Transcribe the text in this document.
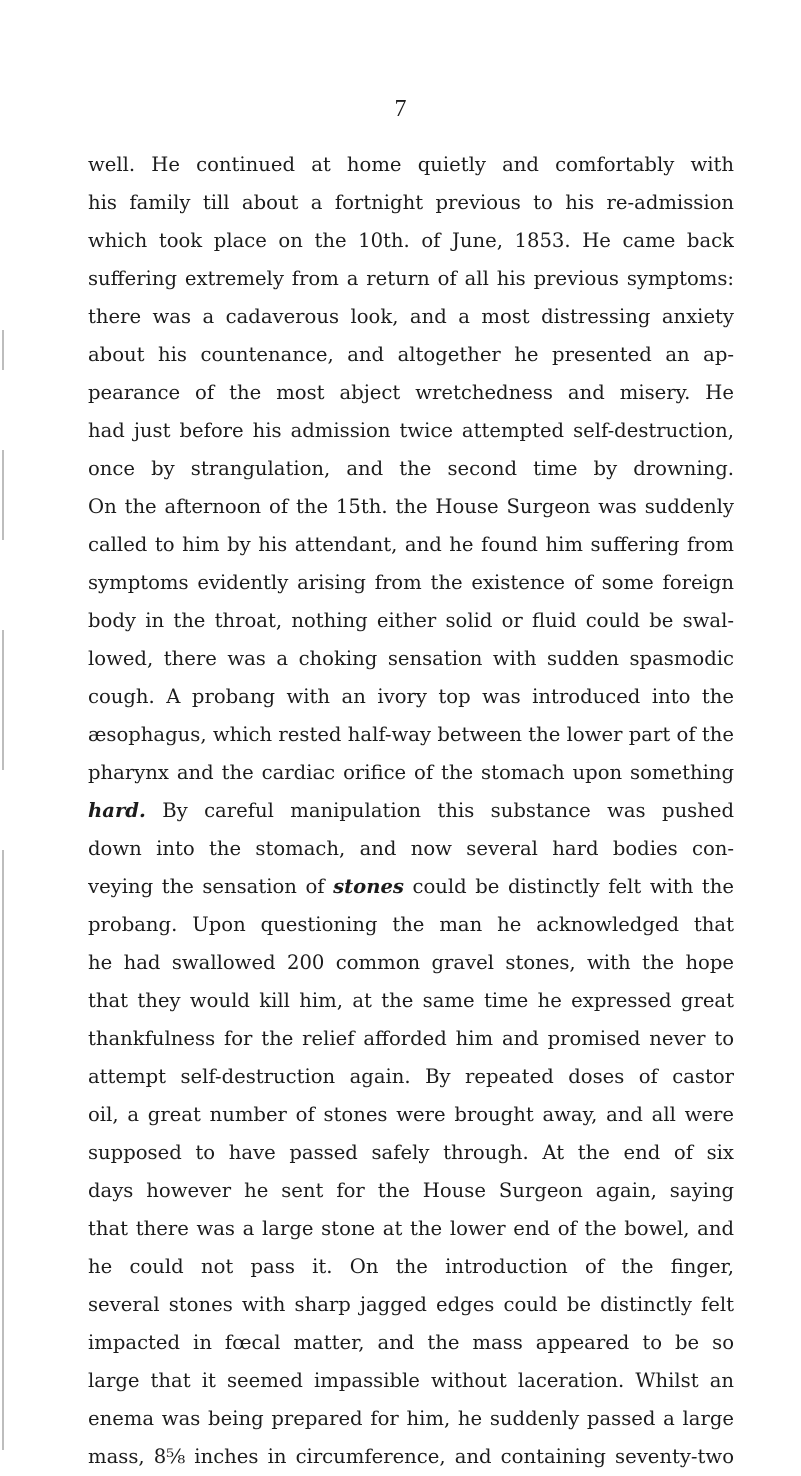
7
well. He continued at home quietly and comfortably with
his family till about a fortnight previous to his re-admission
which took place on the 10th. of June, 1853. He came back
suffering extremely from a return of all his previous symptoms:
there was a cadaverous look, and a most distressing anxiety
about his countenance, and altogether he presented an ap-
pearance of the most abject wretchedness and misery. He
had just before his admission twice attempted self-destruction,
once by strangulation, and the second time by drowning.
On the afternoon of the 15th. the House Surgeon was suddenly
called to him by his attendant, and he found him suffering from
symptoms evidently arising from the existence of some foreign
body in the throat, nothing either solid or fluid could be swal-
lowed, there was a choking sensation with sudden spasmodic
cough. A probang with an ivory top was introduced into the
æsophagus, which rested half-way between the lower part of the
pharynx and the cardiac orifice of the stomach upon something
hard. By careful manipulation this substance was pushed
down into the stomach, and now several hard bodies con-
veying the sensation of stones could be distinctly felt with the
probang. Upon questioning the man he acknowledged that
he had swallowed 200 common gravel stones, with the hope
that they would kill him, at the same time he expressed great
thankfulness for the relief afforded him and promised never to
attempt self-destruction again. By repeated doses of castor
oil, a great number of stones were brought away, and all were
supposed to have passed safely through. At the end of six
days however he sent for the House Surgeon again, saying
that there was a large stone at the lower end of the bowel, and
he could not pass it. On the introduction of the finger,
several stones with sharp jagged edges could be distinctly felt
impacted in fœcal matter, and the mass appeared to be so
large that it seemed impassible without laceration. Whilst an
enema was being prepared for him, he suddenly passed a large
mass, 8⅝ inches in circumference, and containing seventy-two
